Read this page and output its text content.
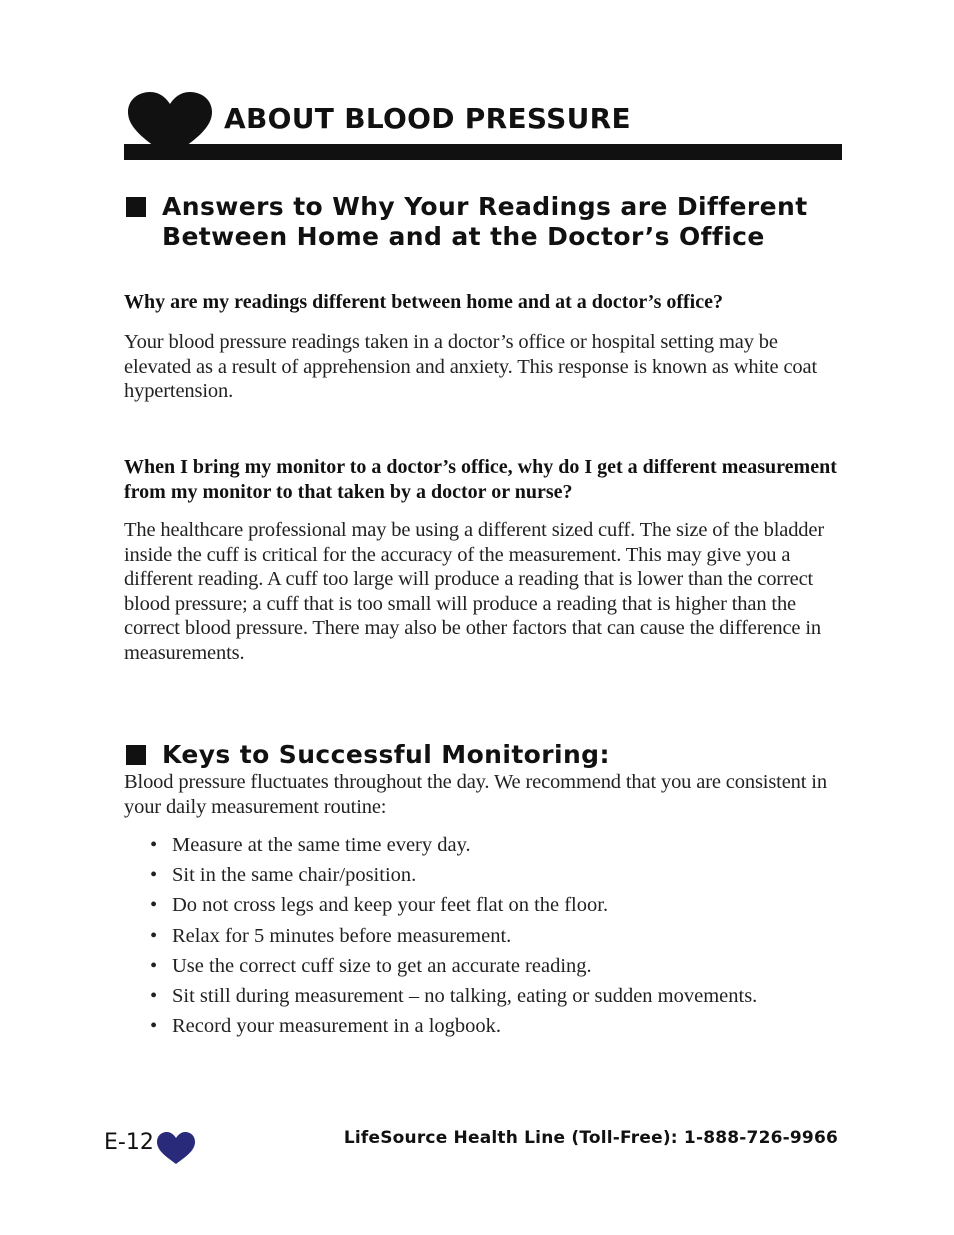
ABOUT BLOOD PRESSURE
Answers to Why Your Readings are Different
Between Home and at the Doctor’s Office

Why are my readings different between home and at a doctor’s office?

Your blood pressure readings taken in a doctor’s office or hospital setting may be elevated as a result of apprehension and anxiety. This response is known as white coat hypertension.

When I bring my monitor to a doctor’s office, why do I get a different measurement from my monitor to that taken by a doctor or nurse?

The healthcare professional may be using a different sized cuff. The size of the bladder inside the cuff is critical for the accuracy of the measurement. This may give you a different reading. A cuff too large will produce a reading that is lower than the correct blood pressure; a cuff that is too small will produce a reading that is higher than the correct blood pressure. There may also be other factors that can cause the difference in measurements.

Keys to Successful Monitoring:

Blood pressure fluctuates throughout the day. We recommend that you are consistent in your daily measurement routine:

• Measure at the same time every day.
• Sit in the same chair/position.
• Do not cross legs and keep your feet flat on the floor.
• Relax for 5 minutes before measurement.
• Use the correct cuff size to get an accurate reading.
• Sit still during measurement – no talking, eating or sudden movements.
• Record your measurement in a logbook.
E-12	LifeSource Health Line (Toll-Free): 1-888-726-9966
